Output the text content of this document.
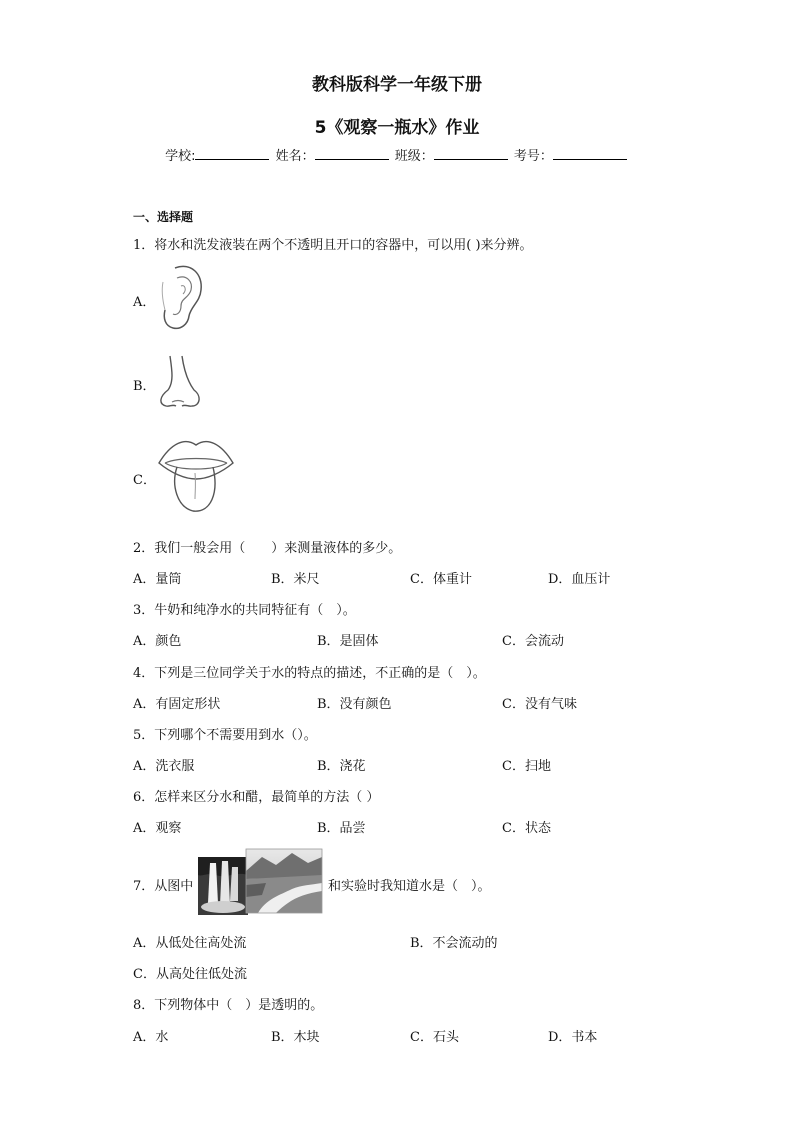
教科版科学一年级下册
5《观察一瓶水》作业
学校:	姓名：	班级：	考号：
一、选择题
1．将水和洗发液装在两个不透明且开口的容器中，可以用( )来分辨。
A．
B．
C．
2．我们一般会用（　　）来测量液体的多少。
A．量筒	B．米尺	C．体重计	D．血压计
3．牛奶和纯净水的共同特征有（　）。
A．颜色	B．是固体	C．会流动
4．下列是三位同学关于水的特点的描述，不正确的是（　）。
A．有固定形状	B．没有颜色	C．没有气味
5．下列哪个不需要用到水（）。
A．洗衣服	B．浇花	C．扫地
6．怎样来区分水和醋，最简单的方法（ ）
A．观察	B．品尝	C．状态
7．从图中	和实验时我知道水是（　）。
A．从低处往高处流	B．不会流动的
C．从高处往低处流
8．下列物体中（　）是透明的。
A．水	B．木块	C．石头	D．书本
